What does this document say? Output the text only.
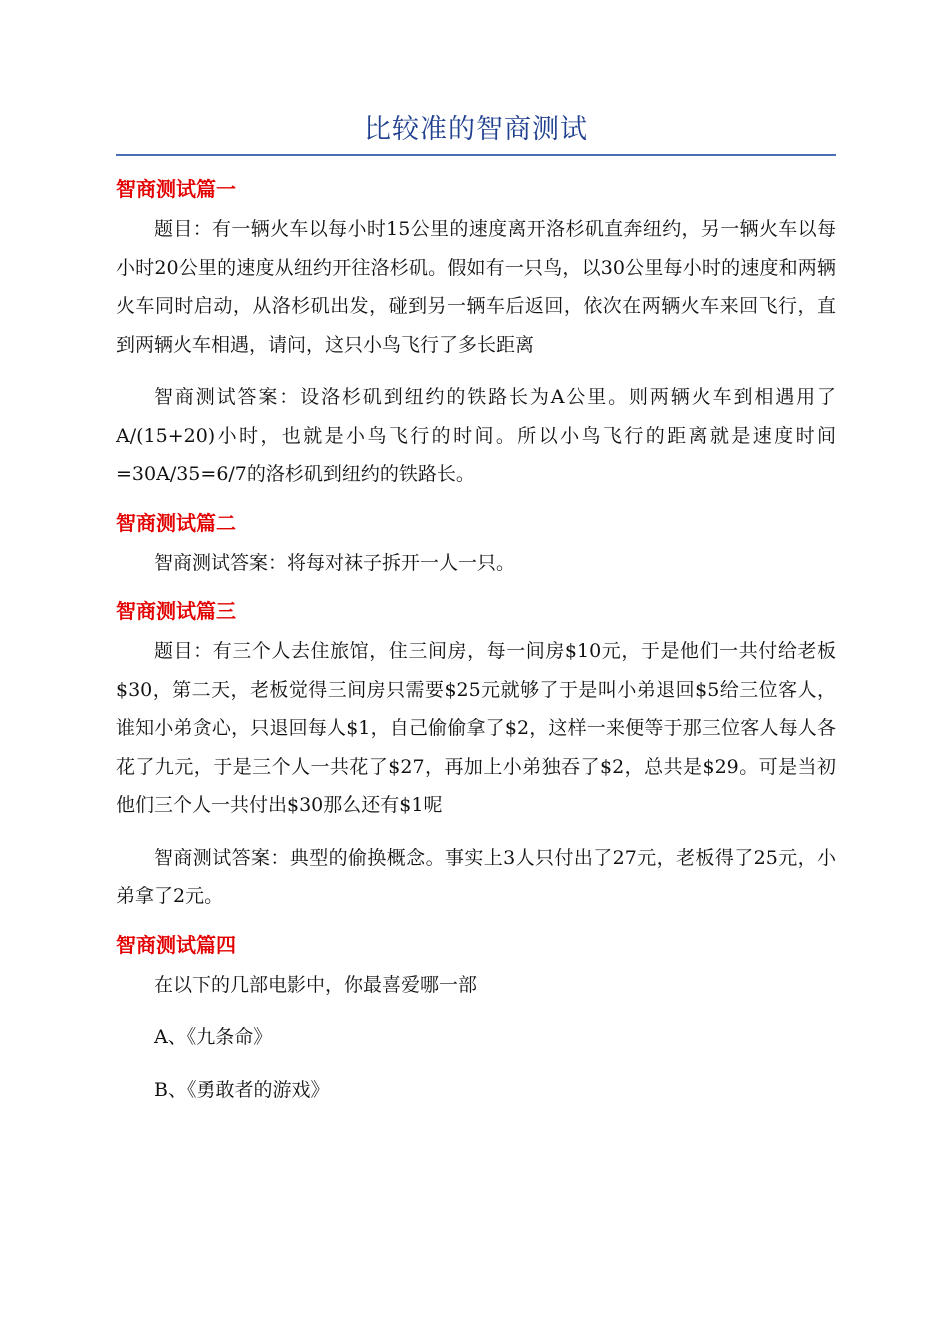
比较准的智商测试
智商测试篇一

题目：有一辆火车以每小时15公里的速度离开洛杉矶直奔纽约，另一辆火车以每小时20公里的速度从纽约开往洛杉矶。假如有一只鸟，以30公里每小时的速度和两辆火车同时启动，从洛杉矶出发，碰到另一辆车后返回，依次在两辆火车来回飞行，直到两辆火车相遇，请问，这只小鸟飞行了多长距离

智商测试答案：设洛杉矶到纽约的铁路长为A公里。则两辆火车到相遇用了A/(15+20)小时，也就是小鸟飞行的时间。所以小鸟飞行的距离就是速度时间=30A/35=6/7的洛杉矶到纽约的铁路长。

智商测试篇二

智商测试答案：将每对袜子拆开一人一只。

智商测试篇三

题目：有三个人去住旅馆，住三间房，每一间房$10元，于是他们一共付给老板$30，第二天，老板觉得三间房只需要$25元就够了于是叫小弟退回$5给三位客人，谁知小弟贪心，只退回每人$1，自己偷偷拿了$2，这样一来便等于那三位客人每人各花了九元，于是三个人一共花了$27，再加上小弟独吞了$2，总共是$29。可是当初他们三个人一共付出$30那么还有$1呢

智商测试答案：典型的偷换概念。事实上3人只付出了27元，老板得了25元，小弟拿了2元。

智商测试篇四

在以下的几部电影中，你最喜爱哪一部

A、《九条命》

B、《勇敢者的游戏》
